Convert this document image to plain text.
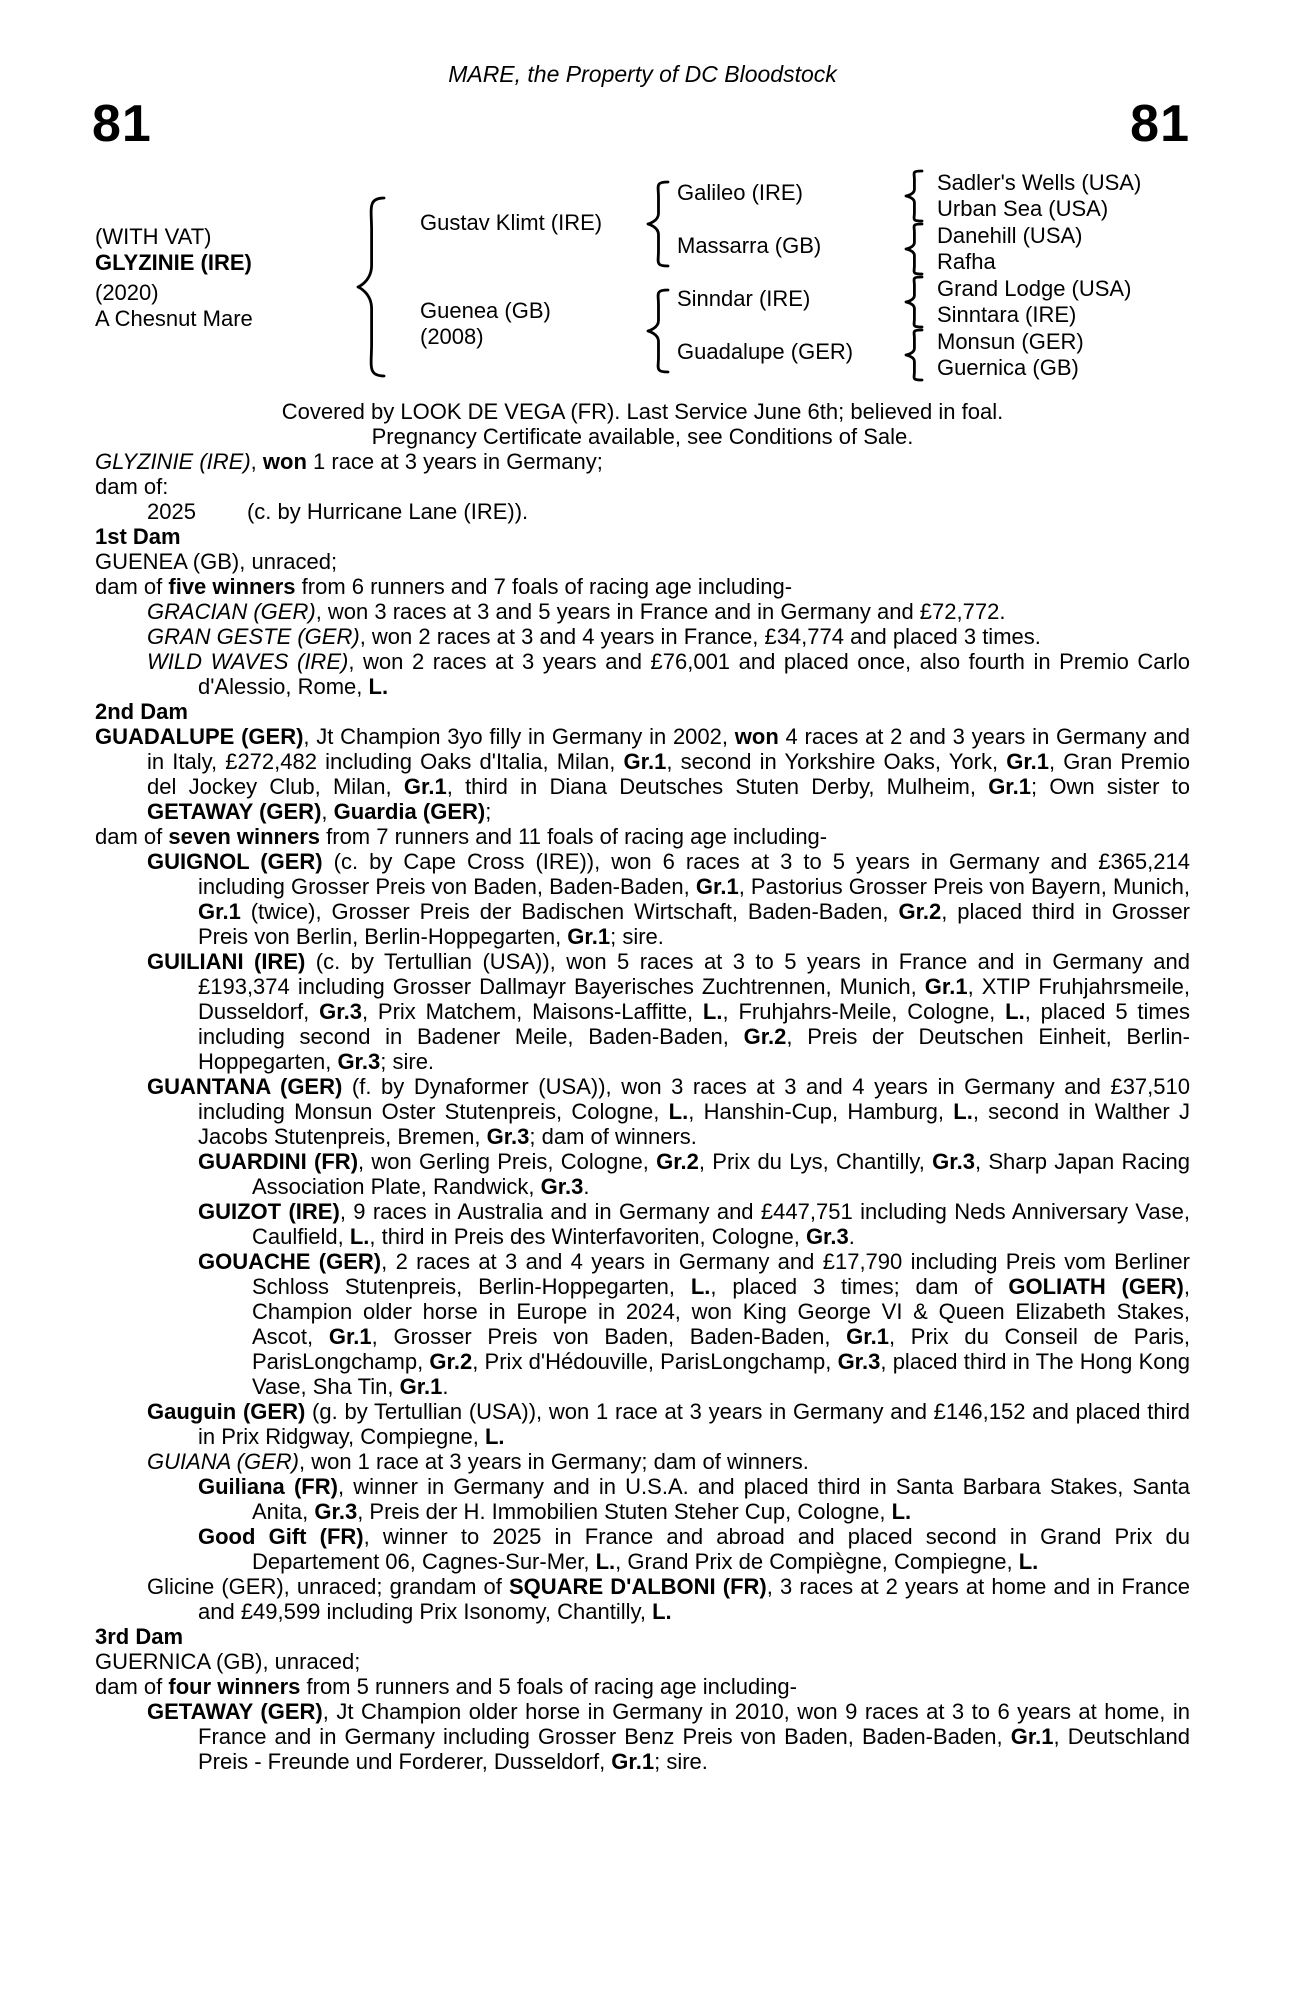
MARE, the Property of DC Bloodstock
81	81
(WITH VAT)
GLYZINIE (IRE)
(2020)
A Chesnut Mare
Gustav Klimt (IRE)
Guenea (GB)
(2008)
Galileo (IRE)
Massarra (GB)
Sinndar (IRE)
Guadalupe (GER)
Sadler's Wells (USA)
Urban Sea (USA)
Danehill (USA)
Rafha
Grand Lodge (USA)
Sinntara (IRE)
Monsun (GER)
Guernica (GB)

Covered by LOOK DE VEGA (FR). Last Service June 6th; believed in foal.

Pregnancy Certificate available, see Conditions of Sale.

GLYZINIE (IRE), won 1 race at 3 years in Germany;

dam of:

2025 (c. by Hurricane Lane (IRE)).

1st Dam

GUENEA (GB), unraced;

dam of five winners from 6 runners and 7 foals of racing age including-

GRACIAN (GER), won 3 races at 3 and 5 years in France and in Germany and £72,772.

GRAN GESTE (GER), won 2 races at 3 and 4 years in France, £34,774 and placed 3 times.

WILD WAVES (IRE), won 2 races at 3 years and £76,001 and placed once, also fourth in Premio Carlo d'Alessio, Rome, L.

2nd Dam

GUADALUPE (GER), Jt Champion 3yo filly in Germany in 2002, won 4 races at 2 and 3 years in Germany and in Italy, £272,482 including Oaks d'Italia, Milan, Gr.1, second in Yorkshire Oaks, York, Gr.1, Gran Premio del Jockey Club, Milan, Gr.1, third in Diana Deutsches Stuten Derby, Mulheim, Gr.1; Own sister to GETAWAY (GER), Guardia (GER);

dam of seven winners from 7 runners and 11 foals of racing age including-

GUIGNOL (GER) (c. by Cape Cross (IRE)), won 6 races at 3 to 5 years in Germany and £365,214 including Grosser Preis von Baden, Baden-Baden, Gr.1, Pastorius Grosser Preis von Bayern, Munich, Gr.1 (twice), Grosser Preis der Badischen Wirtschaft, Baden-Baden, Gr.2, placed third in Grosser Preis von Berlin, Berlin-Hoppegarten, Gr.1; sire.

GUILIANI (IRE) (c. by Tertullian (USA)), won 5 races at 3 to 5 years in France and in Germany and £193,374 including Grosser Dallmayr Bayerisches Zuchtrennen, Munich, Gr.1, XTIP Fruhjahrsmeile, Dusseldorf, Gr.3, Prix Matchem, Maisons-Laffitte, L., Fruhjahrs-Meile, Cologne, L., placed 5 times including second in Badener Meile, Baden-Baden, Gr.2, Preis der Deutschen Einheit, Berlin-Hoppegarten, Gr.3; sire.

GUANTANA (GER) (f. by Dynaformer (USA)), won 3 races at 3 and 4 years in Germany and £37,510 including Monsun Oster Stutenpreis, Cologne, L., Hanshin-Cup, Hamburg, L., second in Walther J Jacobs Stutenpreis, Bremen, Gr.3; dam of winners.

GUARDINI (FR), won Gerling Preis, Cologne, Gr.2, Prix du Lys, Chantilly, Gr.3, Sharp Japan Racing Association Plate, Randwick, Gr.3.

GUIZOT (IRE), 9 races in Australia and in Germany and £447,751 including Neds Anniversary Vase, Caulfield, L., third in Preis des Winterfavoriten, Cologne, Gr.3.

GOUACHE (GER), 2 races at 3 and 4 years in Germany and £17,790 including Preis vom Berliner Schloss Stutenpreis, Berlin-Hoppegarten, L., placed 3 times; dam of GOLIATH (GER), Champion older horse in Europe in 2024, won King George VI & Queen Elizabeth Stakes, Ascot, Gr.1, Grosser Preis von Baden, Baden-Baden, Gr.1, Prix du Conseil de Paris, ParisLongchamp, Gr.2, Prix d'Hédouville, ParisLongchamp, Gr.3, placed third in The Hong Kong Vase, Sha Tin, Gr.1.

Gauguin (GER) (g. by Tertullian (USA)), won 1 race at 3 years in Germany and £146,152 and placed third in Prix Ridgway, Compiegne, L.

GUIANA (GER), won 1 race at 3 years in Germany; dam of winners.

Guiliana (FR), winner in Germany and in U.S.A. and placed third in Santa Barbara Stakes, Santa Anita, Gr.3, Preis der H. Immobilien Stuten Steher Cup, Cologne, L.

Good Gift (FR), winner to 2025 in France and abroad and placed second in Grand Prix du Departement 06, Cagnes-Sur-Mer, L., Grand Prix de Compiègne, Compiegne, L.

Glicine (GER), unraced; grandam of SQUARE D'ALBONI (FR), 3 races at 2 years at home and in France and £49,599 including Prix Isonomy, Chantilly, L.

3rd Dam

GUERNICA (GB), unraced;

dam of four winners from 5 runners and 5 foals of racing age including-

GETAWAY (GER), Jt Champion older horse in Germany in 2010, won 9 races at 3 to 6 years at home, in France and in Germany including Grosser Benz Preis von Baden, Baden-Baden, Gr.1, Deutschland Preis - Freunde und Forderer, Dusseldorf, Gr.1; sire.
